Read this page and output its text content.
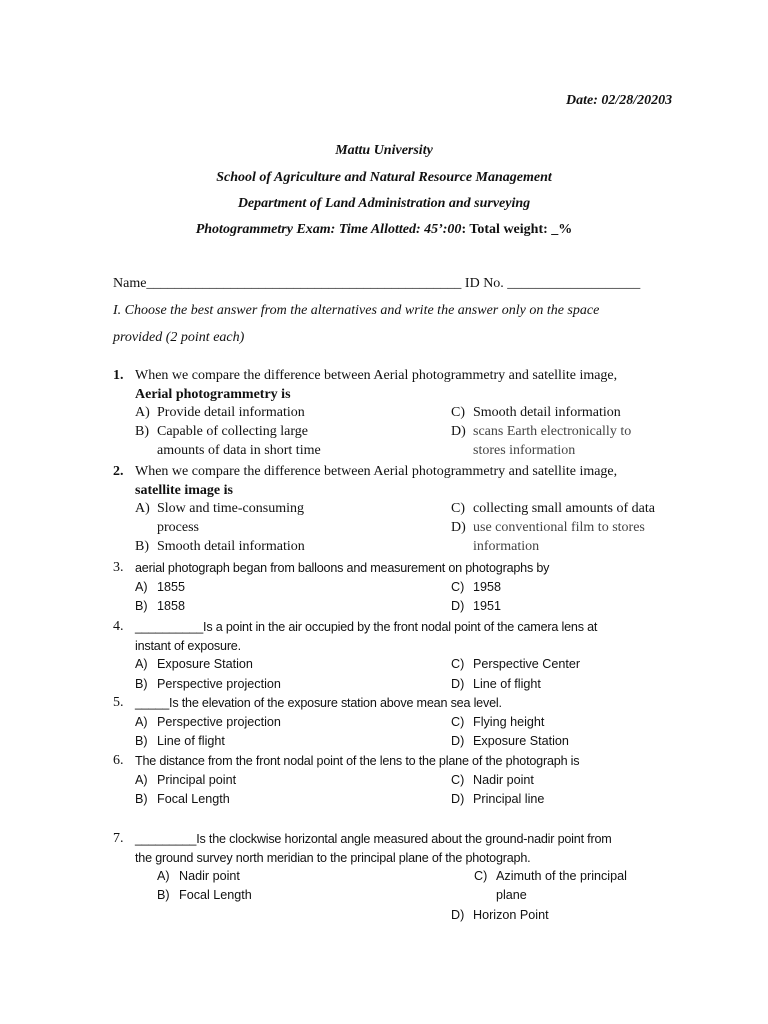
Date: 02/28/20203
Mattu University
School of Agriculture and Natural Resource Management
Department of Land Administration and surveying
Photogrammetry Exam: Time Allotted: 45’:00: Total weight: _%
Name_____________________________________________ ID No. ___________________
I. Choose the best answer from the alternatives and write the answer only on the space
provided (2 point each)
1. When we compare the difference between Aerial photogrammetry and satellite image,
Aerial photogrammetry is
A) Provide detail information
B) Capable of collecting large
amounts of data in short time
C) Smooth detail information
D) scans Earth electronically to
stores information
2. When we compare the difference between Aerial photogrammetry and satellite image,
satellite image is
A) Slow and time-consuming
process
B) Smooth detail information
C) collecting small amounts of data
D) use conventional film to stores
information
3. aerial photograph began from balloons and measurement on photographs by
A) 1855
B) 1858
C) 1958
D) 1951
4. __________Is a point in the air occupied by the front nodal point of the camera lens at
instant of exposure.
A) Exposure Station
B) Perspective projection
C) Perspective Center
D) Line of flight
5. _____Is the elevation of the exposure station above mean sea level.
A) Perspective projection
B) Line of flight
C) Flying height
D) Exposure Station
6. The distance from the front nodal point of the lens to the plane of the photograph is
A) Principal point
B) Focal Length
C) Nadir point
D) Principal line
7. _________Is the clockwise horizontal angle measured about the ground-nadir point from
the ground survey north meridian to the principal plane of the photograph.
A) Nadir point
B) Focal Length
C) Azimuth of the principal
plane
D) Horizon Point
